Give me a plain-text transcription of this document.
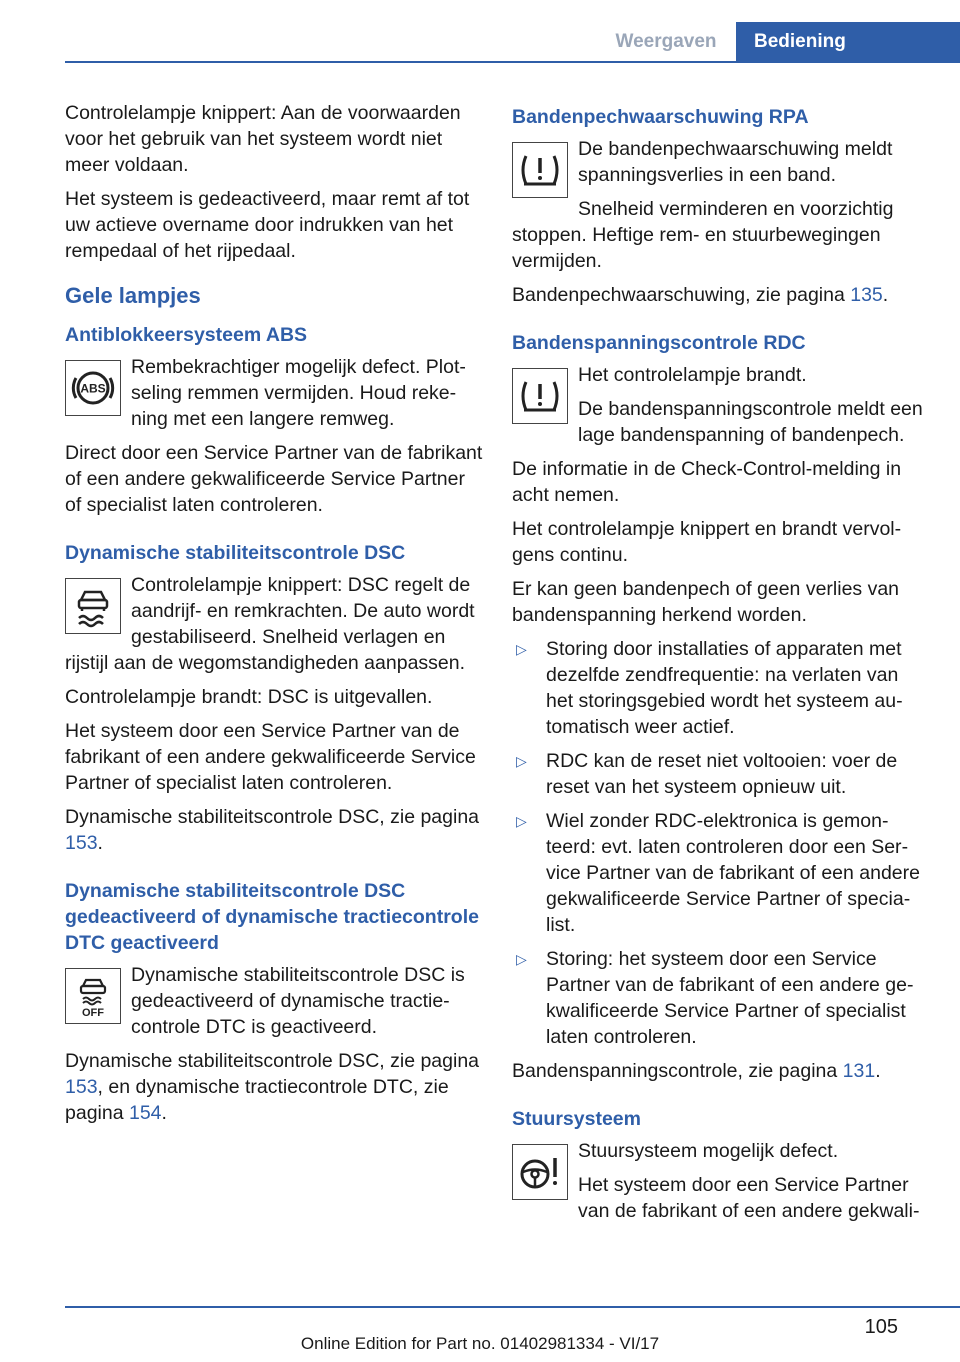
Weergaven	Bediening

Controlelampje knippert: Aan de voorwaarden voor het gebruik van het systeem wordt niet meer voldaan.

Het systeem is gedeactiveerd, maar remt af tot uw actieve overname door indrukken van het rempedaal of het rijpedaal.

Gele lampjes
Antiblokkeersysteem ABS
ABS

Rembekrachtiger mogelijk defect. Plotseling remmen vermijden. Houd rekening met een langere remweg.

Direct door een Service Partner van de fabrikant of een andere gekwalificeerde Service Partner of specialist laten controleren.

Dynamische stabiliteitscontrole DSC

Controlelampje knippert: DSC regelt de aandrijf- en remkrachten. De auto wordt gestabiliseerd. Snelheid verlagen en rijstijl aan de wegomstandigheden aanpassen.

Controlelampje brandt: DSC is uitgevallen.

Het systeem door een Service Partner van de fabrikant of een andere gekwalificeerde Service Partner of specialist laten controleren.

Dynamische stabiliteitscontrole DSC, zie pagina 153.

Dynamische stabiliteitscontrole DSC gedeactiveerd of dynamische tractiecontrole DTC geactiveerd
OFF

Dynamische stabiliteitscontrole DSC is gedeactiveerd of dynamische tractiecontrole DTC is geactiveerd.

Dynamische stabiliteitscontrole DSC, zie pagina 153, en dynamische tractiecontrole DTC, zie pagina 154.

Bandenpechwaarschuwing RPA

De bandenpechwaarschuwing meldt spanningsverlies in een band.

Snelheid verminderen en voorzichtig stoppen. Heftige rem- en stuurbewegingen vermijden.

Bandenpechwaarschuwing, zie pagina 135.

Bandenspanningscontrole RDC

Het controlelampje brandt.

De bandenspanningscontrole meldt een lage bandenspanning of bandenpech.

De informatie in de Check-Control-melding in acht nemen.

Het controlelampje knippert en brandt vervolgens continu.

Er kan geen bandenpech of geen verlies van bandenspanning herkend worden.

▷ Storing door installaties of apparaten met dezelfde zendfrequentie: na verlaten van het storingsgebied wordt het systeem automatisch weer actief.
▷ RDC kan de reset niet voltooien: voer de reset van het systeem opnieuw uit.
▷ Wiel zonder RDC-elektronica is gemonteerd: evt. laten controleren door een Service Partner van de fabrikant of een andere gekwalificeerde Service Partner of specialist.
▷ Storing: het systeem door een Service Partner van de fabrikant of een andere gekwalificeerde Service Partner of specialist laten controleren.

Bandenspanningscontrole, zie pagina 131.

Stuursysteem

Stuursysteem mogelijk defect.

Het systeem door een Service Partner van de fabrikant of een andere gekwali-

105
Online Edition for Part no. 01402981334 - VI/17
